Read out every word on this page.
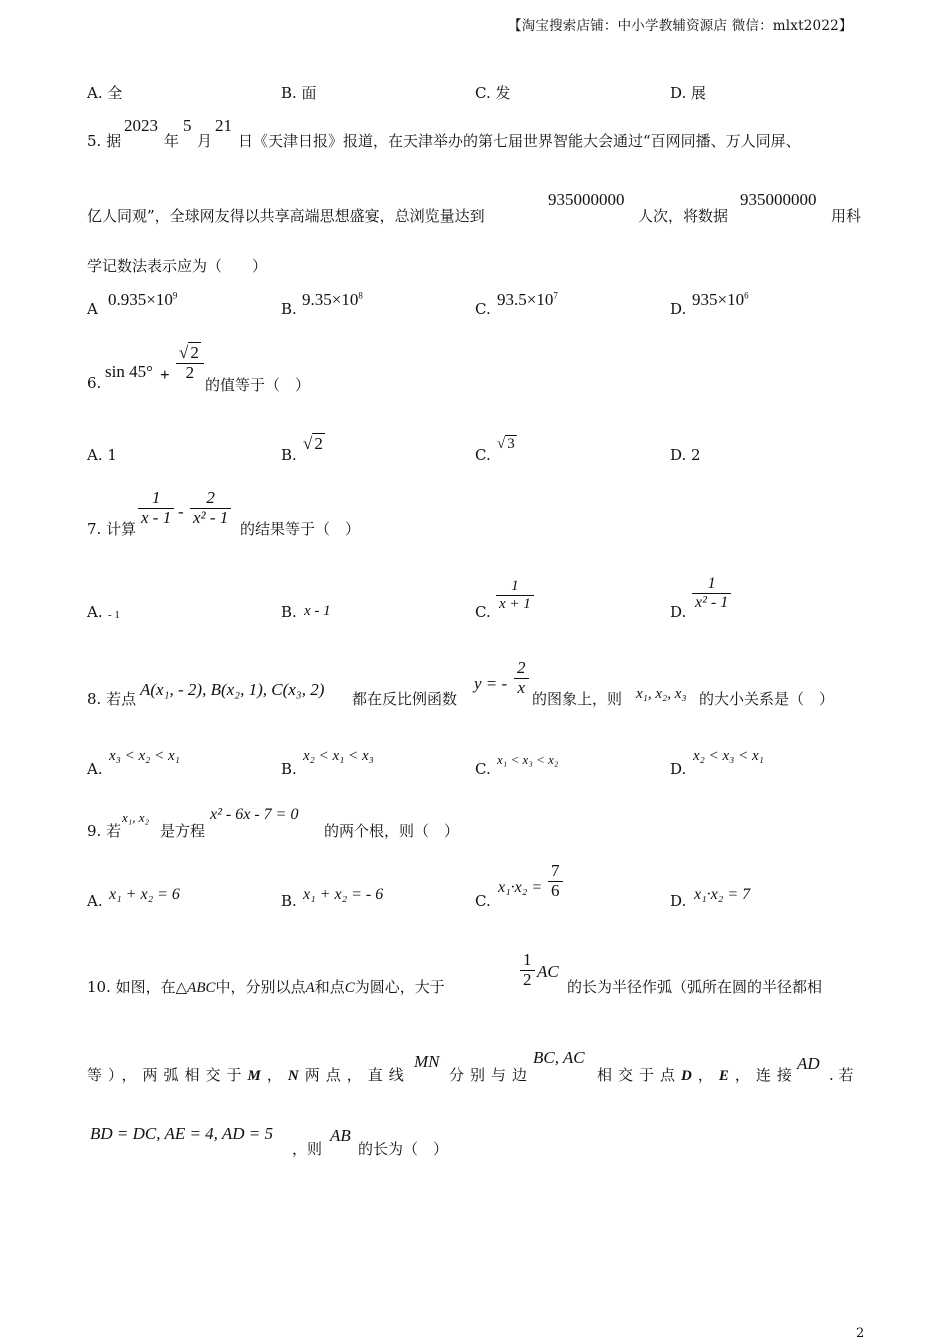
【淘宝搜索店铺：中小学教辅资源店 微信：mlxt2022】
A. 全	B. 面	C. 发	D. 展
5. 据
2023
年
5
月
21
日《天津日报》报道，在天津举办的第七届世界智能大会通过“百网同播、万人同屏、
亿人同观”，全球网友得以共享高端思想盛宴，总浏览量达到
935000000
人次，将数据
935000000
用科
学记数法表示应为（　　）
A $0.935\times 10^9$
B. $9.35\times 10^8$
C. $93.5\times 10^7$
D. $935\times 10^6$
6.
$\sin 45^\circ + \frac{√ 2}{2}$
的值等于（　）
A. 1	B.
√ 2
C.
√ 3
D. 2
7. 计算
$\frac{1}{x - 1} - \frac{2}{\text{x² - 1}}$
的结果等于（　）
A. - 1	B. x - 1	C. $\frac{1}{x + 1}$	D.
$\frac{1}{\text{x² - 1}}$
8. 若点 A(x₁, - 2), B(x₂, 1), C(x₃, 2) 都在反比例函数
y = - $\frac{2}{x}$
的图象上，则 x₁, x₂, x₃ 的大小关系是（　）
A.
x₃ < x₂ < x₁
B.
x₂ < x₁ < x₃
C.
x₁ < x₃ < x₂
D.
x₂ < x₃ < x₁
9. 若
x₁, x₂
是方程
x² - 6x - 7 = 0
的两个根，则（　）
A. x₁ + x₂ = 6	B. x₁ + x₂ = - 6	C.
$x_1\cdot x_2 = \frac{7}{6}$
D. x₁·x₂ = 7
10. 如图，在△ABC中，分别以点A和点C为圆心，大于	$\frac{1}{2}$ AC
的长为半径作弧（弧所在圆的半径都相
等），两弧相交于M，N两点，直线
MN
分别与边
BC, AC
相交于点D，E，连接
AD
. 若
BD = DC, AE = 4, AD = 5
，则
AB
的长为（　）
2
